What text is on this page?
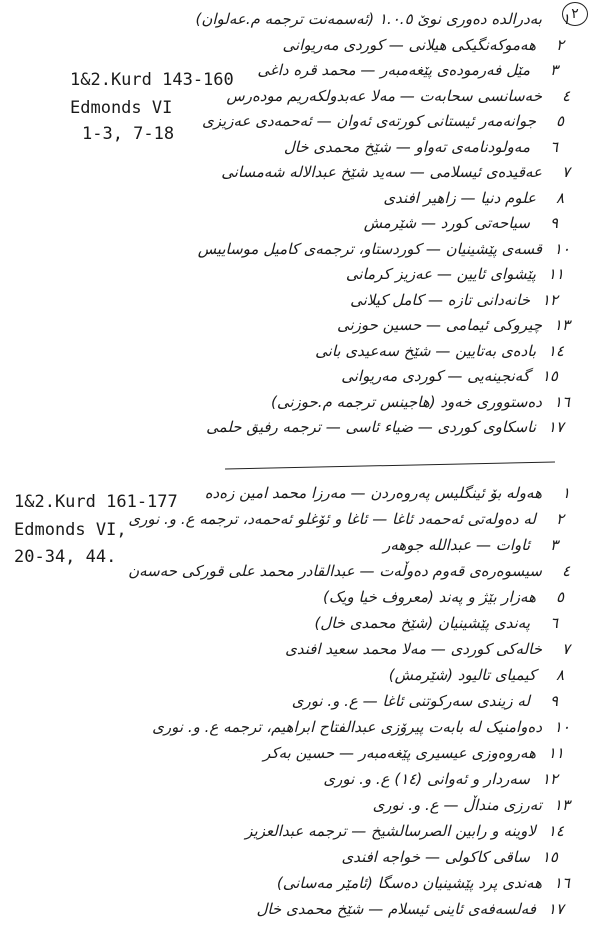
٢
1&2.Kurd 143-160
Edmonds VI
1-3, 7-18
١
بەدرالدە دەورى نوێ ١.٠.٥ (ئەسمەنت ترجمە م.عەلوان)
٢
هەموکەنگیکی هیلانی — کوردی مەریوانی
٣
مێل فەرمودەی پێغەمبەر — محمد قرە داغی
٤
خەسانسی سحابەت — مەلا عەبدولکەریم مودەرس
٥
جوانەمەر ئیستانی کورتەی ئەوان — ئەحمەدی عەزیزی
٦
مەولودنامەی تەواو — شێخ محمدی خال
٧
عەقیدەی ئیسلامی — سەید شێخ عبدالاله شەمسانی
٨
علوم دنیا — زاهیر افندی
٩
سیاحەتی کورد — شێرمش
١٠
قسەی پێشینیان — کوردستاو، ترجمەی کامیل موساییس
١١
پێشوای ئایین — عەزیز کرمانی
١٢
خانەدانی تازە — کامل کیلانی
١٣
چیروکی ئیمامی — حسین حوزنی
١٤
بادەی بەتایین — شێخ سەعیدی بانی
١٥
گەنجینەیی — کوردی مەریوانی
١٦
دەستووری خەود (هاجینس ترجمە م.حوزنی)
١٧
ناسکاوی کوردی — ضیاء ئاسی — ترجمە رفیق حلمی
1&2.Kurd 161-177
Edmonds VI,
20-34, 44.
١
هەولە بۆ ئینگلیس پەروەردن — مەرزا محمد امین زەدە
٢
لە دەولەتی ئەحمەد ئاغا — ئاغا و ئۆغلو ئەحمەد، ترجمە ع. و. نوری
٣
ئاوات — عبدالله جوهەر
٤
سیسوەرەی قەوم دەوڵەت — عبدالقادر محمد علی قورکی حەسەن
٥
هەزار بێژ و پەند (معروف خیا ویک)
٦
پەندی پێشینیان (شێخ محمدی خال)
٧
خالەکی کوردی — مەلا محمد سعید افندی
٨
کیمیای تالیود (شێرمش)
٩
لە زیندی سەرکوتنی ئاغا — ع. و. نوری
١٠
دەوامنیک لە بابەت پیرۆزی عبدالفتاح ابراهیم، ترجمە ع. و. نوری
١١
هەروەوزی عیسیری پێغەمبەر — حسین بەکر
١٢
سەردار و ئەوانی (١٤) ع. و. نوری
١٣
تەرزی منداڵ — ع. و. نوری
١٤
لاوینە و رابین الصرسالشیخ — ترجمە عبدالعزیز
١٥
ساقی کاکولی — خواجە افندی
١٦
هەندی پرد پێشینیان دەسگا (ئامێر مەسانی)
١٧
فەلسەفەی ئاینی ئیسلام — شێخ محمدی خال
